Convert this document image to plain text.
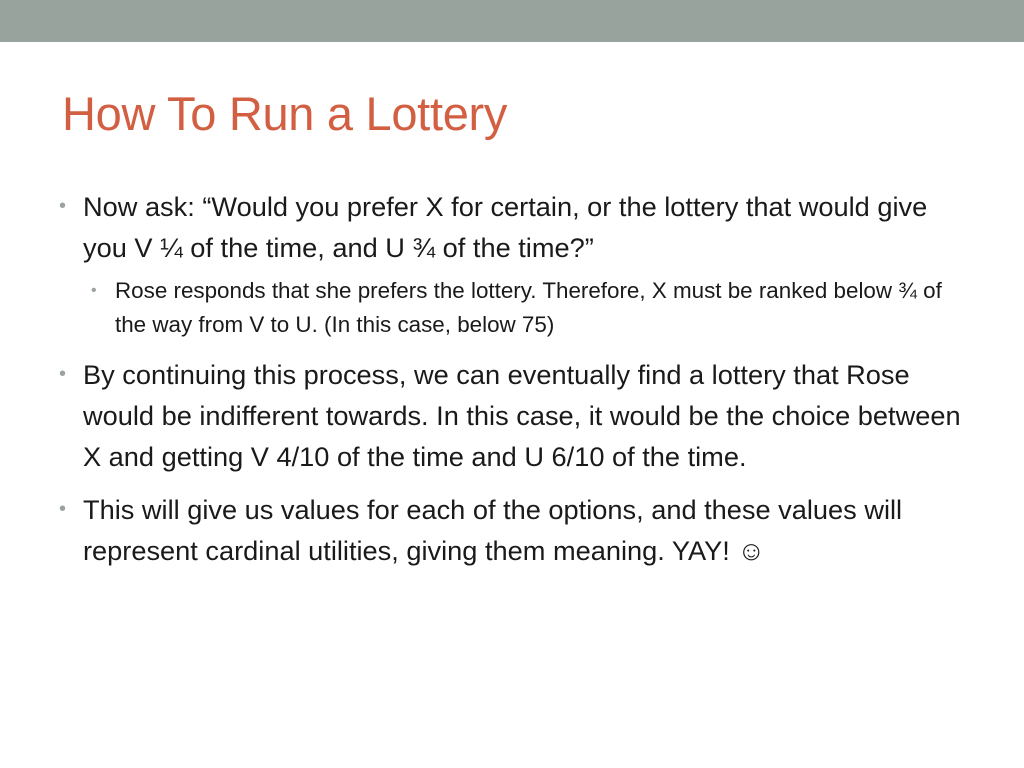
How To Run a Lottery
• Now ask: “Would you prefer X for certain, or the lottery that would give you V ¼ of the time, and U ¾ of the time?”
• Rose responds that she prefers the lottery. Therefore, X must be ranked below ¾ of the way from V to U. (In this case, below 75)
• By continuing this process, we can eventually find a lottery that Rose would be indifferent towards. In this case, it would be the choice between X and getting V 4/10 of the time and U 6/10 of the time.
• This will give us values for each of the options, and these values will represent cardinal utilities, giving them meaning. YAY! ☺
